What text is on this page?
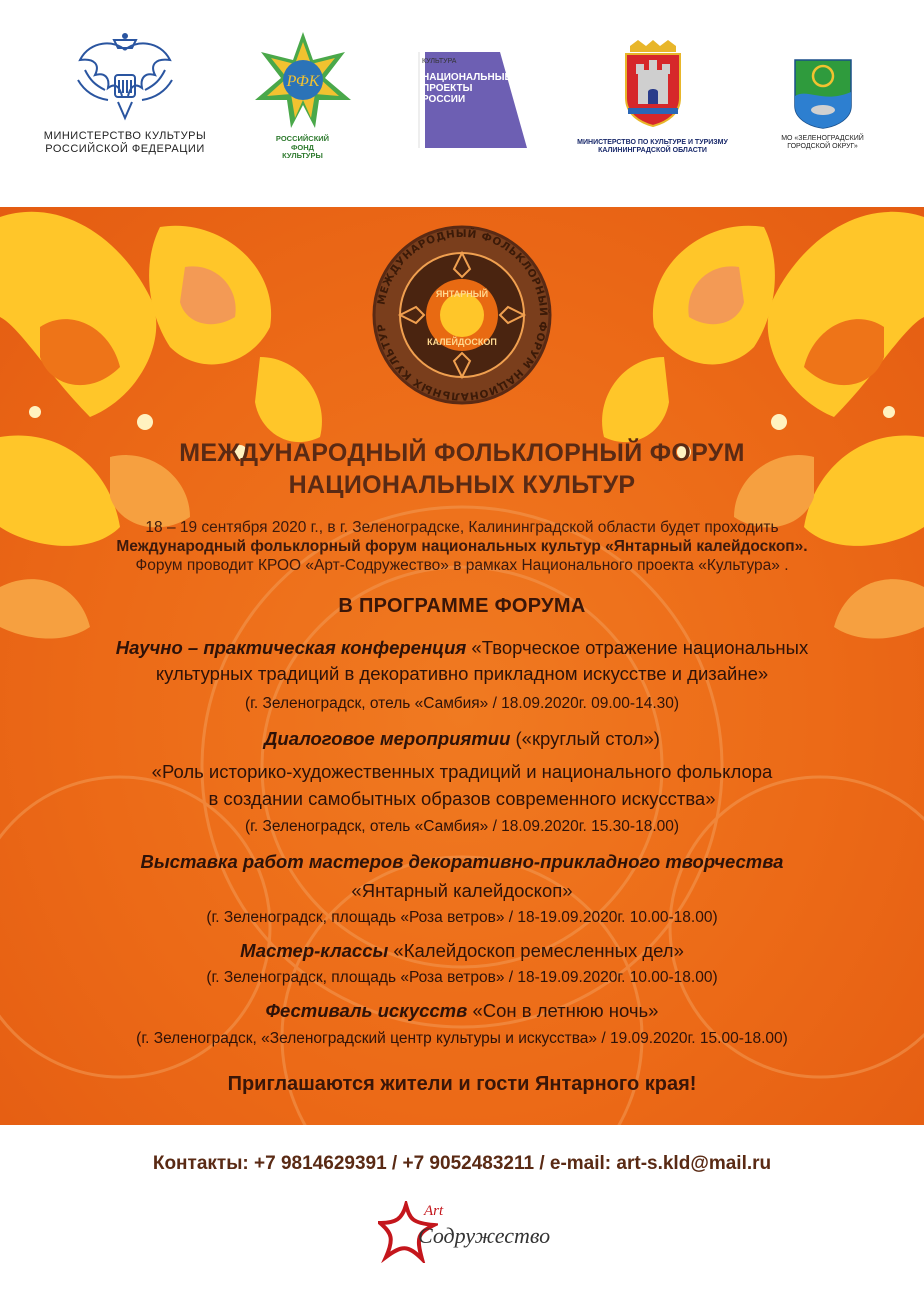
МИНИСТЕРСТВО КУЛЬТУРЫ
РОССИЙСКОЙ ФЕДЕРАЦИИ
РФК
РОССИЙСКИЙ
ФОНД
КУЛЬТУРЫ
КУЛЬТУРА
НАЦИОНАЛЬНЫЕ
ПРОЕКТЫ
РОССИИ
МИНИСТЕРСТВО ПО КУЛЬТУРЕ И ТУРИЗМУ
КАЛИНИНГРАДСКОЙ ОБЛАСТИ
МО «ЗЕЛЕНОГРАДСКИЙ
ГОРОДСКОЙ ОКРУГ»
МЕЖДУНАРОДНЫЙ ФОЛЬКЛОРНЫЙ ФОРУМ НАЦИОНАЛЬНЫХ КУЛЬТУР
ЯНТАРНЫЙ
КАЛЕЙДОСКОП
МЕЖДУНАРОДНЫЙ ФОЛЬКЛОРНЫЙ ФОРУМ
НАЦИОНАЛЬНЫХ КУЛЬТУР
18 – 19 сентября 2020 г., в г. Зеленоградске, Калининградской области будет проходить
Международный фольклорный форум национальных культур «Янтарный калейдоскоп».
Форум проводит КРОО «Арт-Содружество» в рамках Национального проекта «Культура» .
В ПРОГРАММЕ ФОРУМА
Научно – практическая конференция «Творческое отражение национальных
культурных традиций в декоративно прикладном искусстве и дизайне»
(г. Зеленоградск, отель «Самбия» / 18.09.2020г. 09.00-14.30)
Диалоговое мероприятии («круглый стол»)
«Роль историко-художественных традиций и национального фольклора
в создании самобытных образов современного искусства»
(г. Зеленоградск, отель «Самбия» / 18.09.2020г. 15.30-18.00)
Выставка работ мастеров декоративно-прикладного творчества
«Янтарный калейдоскоп»
(г. Зеленоградск, площадь «Роза ветров» / 18-19.09.2020г. 10.00-18.00)
Мастер-классы «Калейдоскоп ремесленных дел»
(г. Зеленоградск, площадь «Роза ветров» / 18-19.09.2020г. 10.00-18.00)
Фестиваль искусств «Сон в летнюю ночь»
(г. Зеленоградск, «Зеленоградский центр культуры и искусства» / 19.09.2020г. 15.00-18.00)
Приглашаются жители и гости Янтарного края!
Контакты: +7 9814629391 / +7 9052483211 / e-mail: art-s.kld@mail.ru
Art
Содружество
